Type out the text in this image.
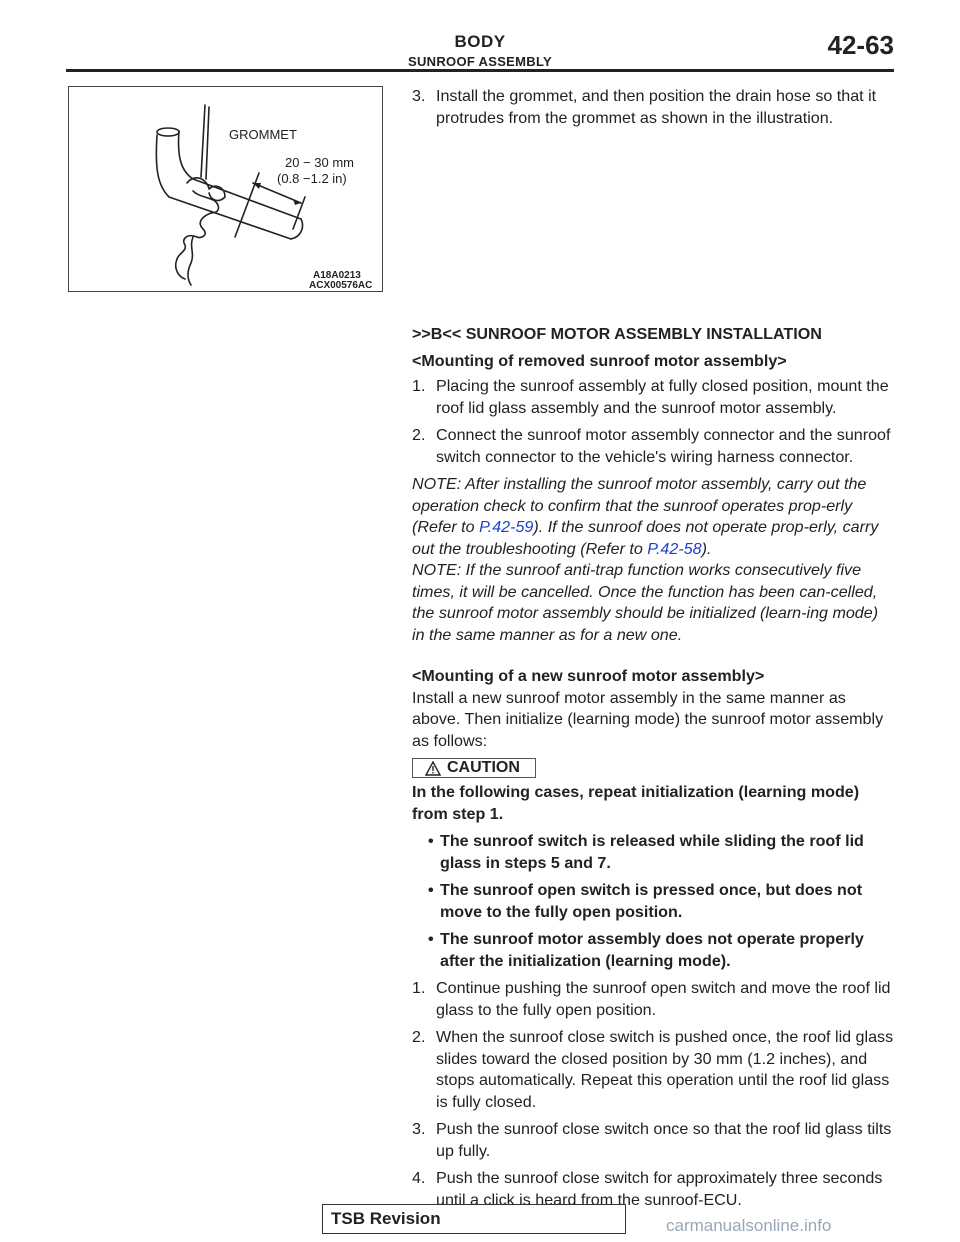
BODY
SUNROOF ASSEMBLY
42-63
GROMMET
20 − 30 mm
(0.8 −1.2 in)
A18A0213
ACX00576AC
3. Install the grommet, and then position the drain hose so that it protrudes from the grommet as shown in the illustration.

>>B<< SUNROOF MOTOR ASSEMBLY INSTALLATION

<Mounting of removed sunroof motor assembly>

1. Placing the sunroof assembly at fully closed position, mount the roof lid glass assembly and the sunroof motor assembly.
2. Connect the sunroof motor assembly connector and the sunroof switch connector to the vehicle's wiring harness connector.

NOTE: After installing the sunroof motor assembly, carry out the operation check to confirm that the sunroof operates prop-erly (Refer to P.42-59). If the sunroof does not operate prop-erly, carry out the troubleshooting (Refer to P.42-58).

NOTE: If the sunroof anti-trap function works consecutively five times, it will be cancelled. Once the function has been can-celled, the sunroof motor assembly should be initialized (learn-ing mode) in the same manner as for a new one.

<Mounting of a new sunroof motor assembly>

Install a new sunroof motor assembly in the same manner as above. Then initialize (learning mode) the sunroof motor assembly as follows:

CAUTION

In the following cases, repeat initialization (learning mode) from step 1.

• The sunroof switch is released while sliding the roof lid glass in steps 5 and 7.
• The sunroof open switch is pressed once, but does not move to the fully open position.
• The sunroof motor assembly does not operate properly after the initialization (learning mode).
1. Continue pushing the sunroof open switch and move the roof lid glass to the fully open position.
2. When the sunroof close switch is pushed once, the roof lid glass slides toward the closed position by 30 mm (1.2 inches), and stops automatically. Repeat this operation until the roof lid glass is fully closed.
3. Push the sunroof close switch once so that the roof lid glass tilts up fully.
4. Push the sunroof close switch for approximately three seconds until a click is heard from the sunroof-ECU.
TSB Revision	carmanualsonline.info
